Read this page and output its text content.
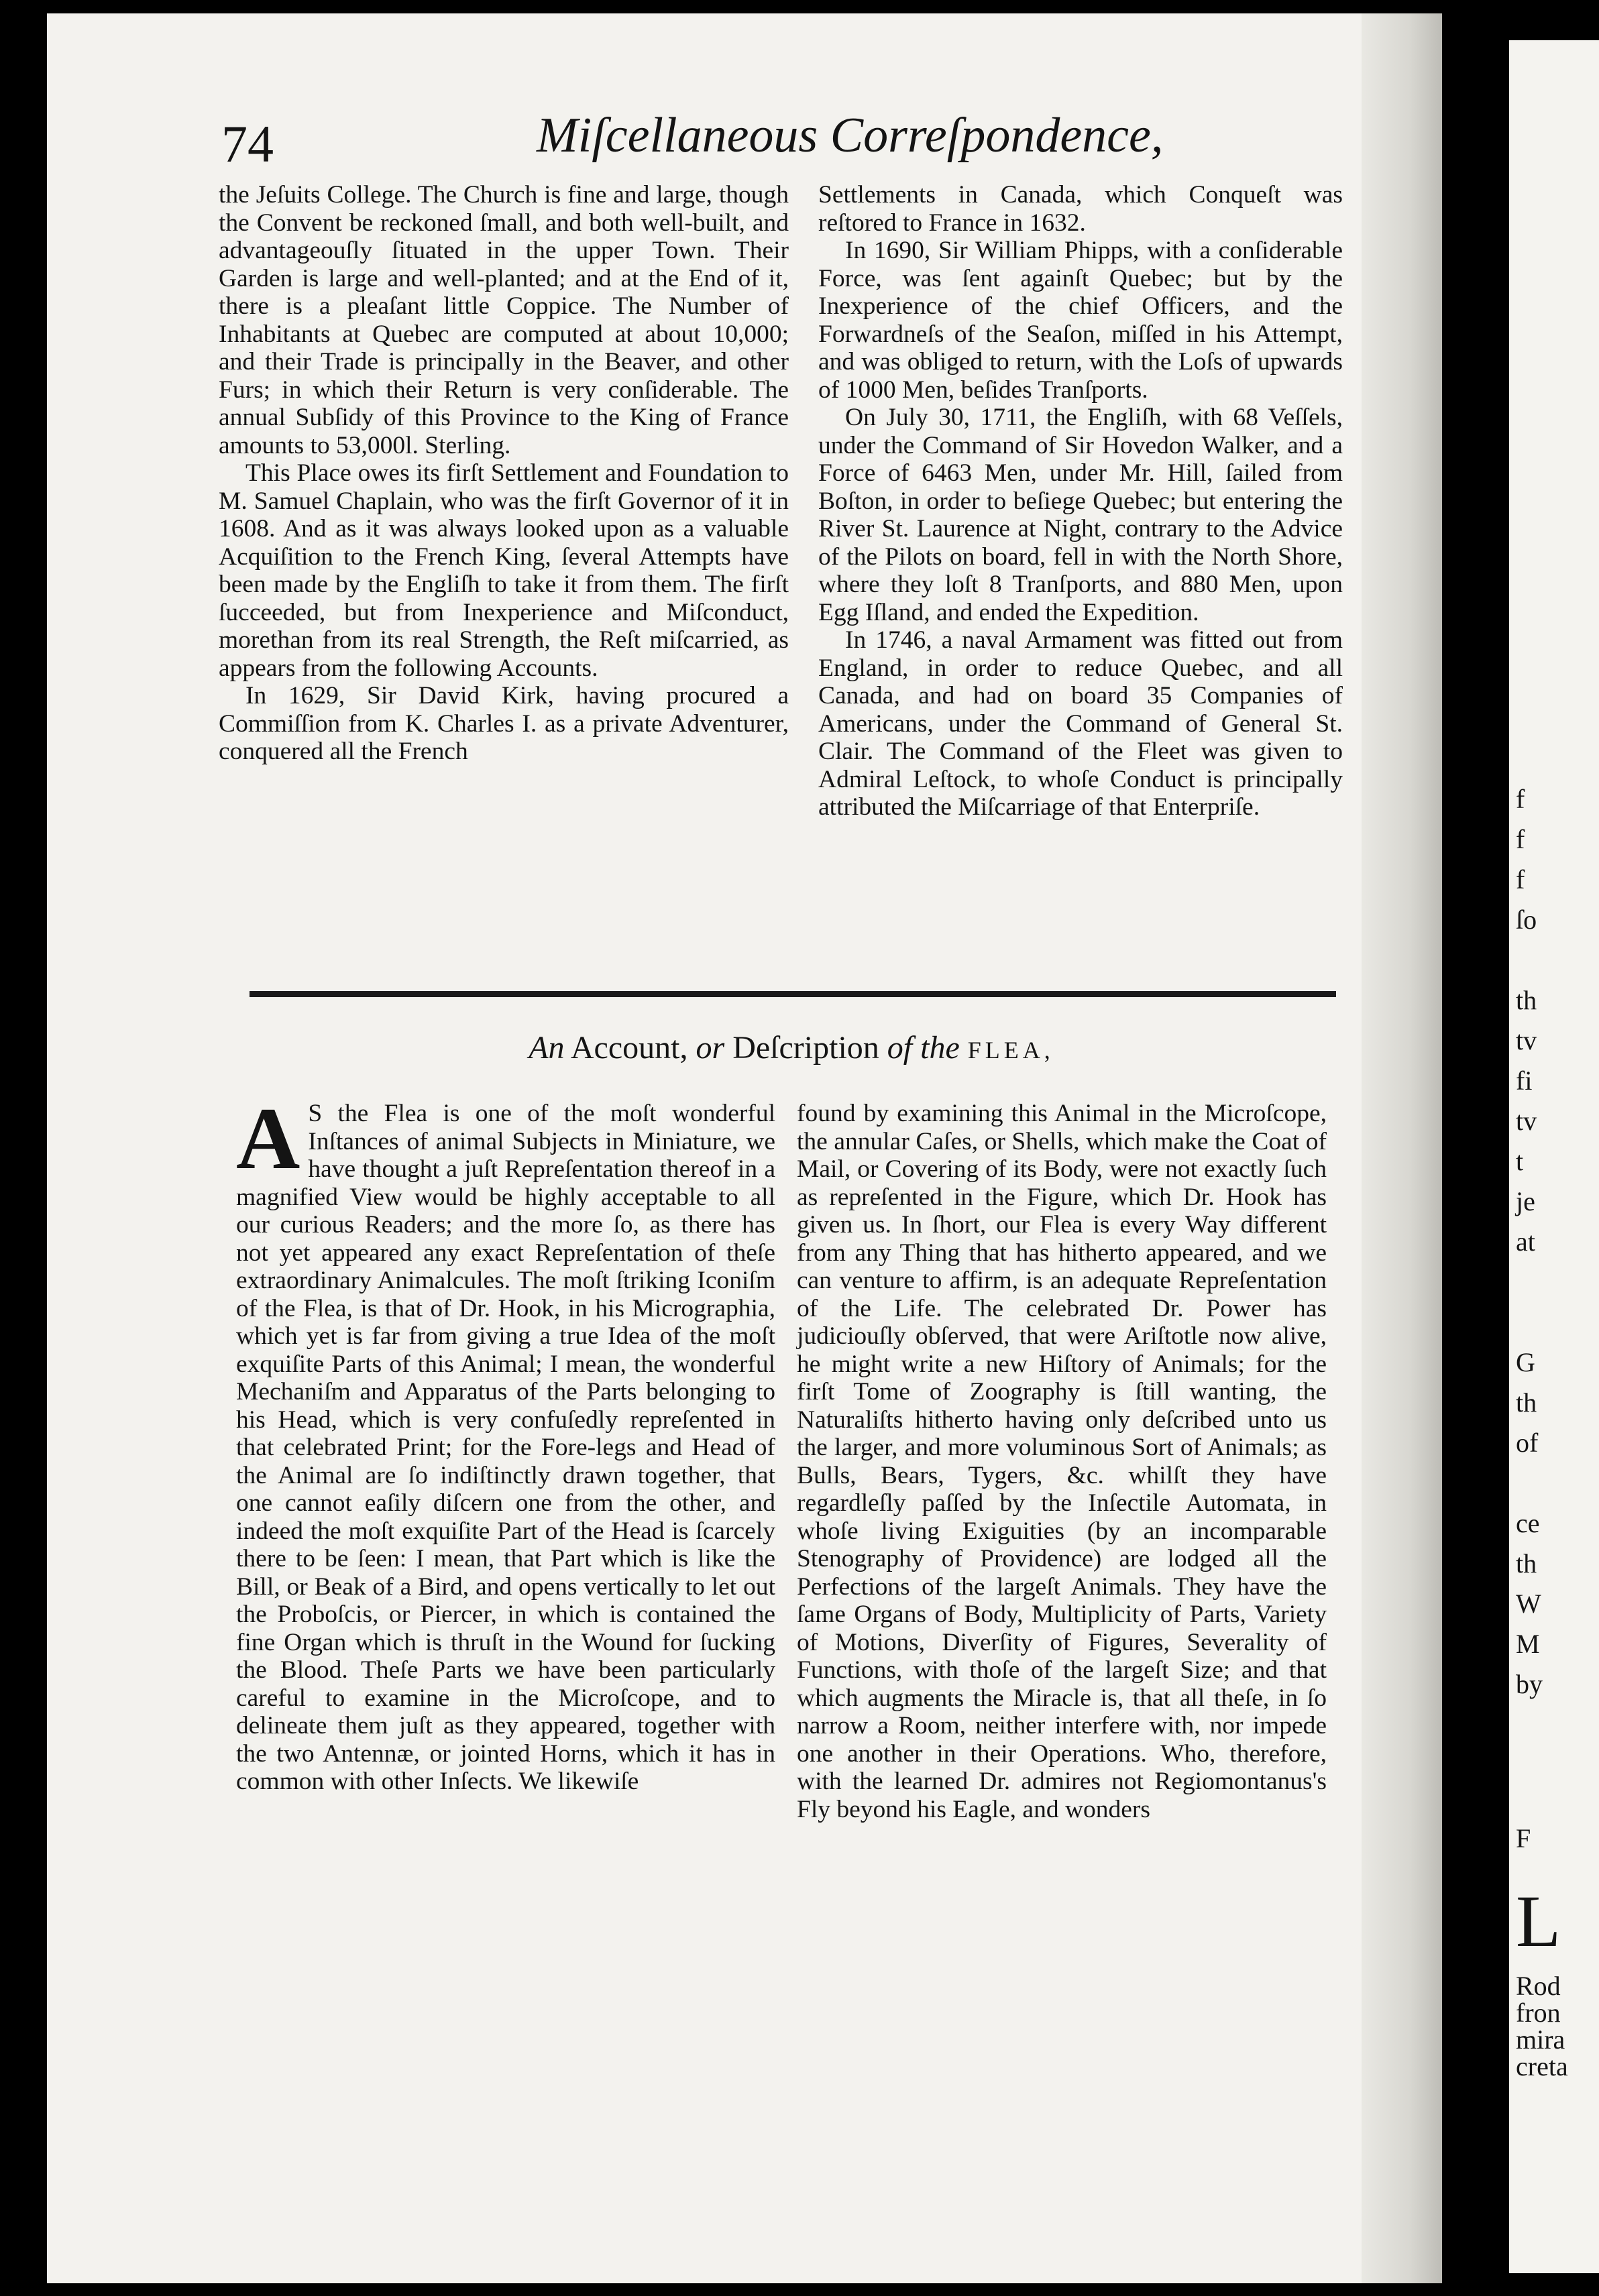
f
f
f
ſo
th
tv
fi
tv
t
je
at
G
th
of
ce
th
W
M
by
F
L
Rod
fron
mira
creta
74	Miſcellaneous Correſpondence,

the Jeſuits College. The Church is fine and large, though the Convent be reckoned ſmall, and both well-built, and advantageouſly ſituated in the upper Town. Their Garden is large and well-planted; and at the End of it, there is a pleaſant little Coppice. The Number of Inhabitants at Quebec are computed at about 10,000; and their Trade is principally in the Beaver, and other Furs; in which their Return is very conſiderable. The annual Subſidy of this Province to the King of France amounts to 53,000l. Sterling.

This Place owes its firſt Settlement and Foundation to M. Samuel Chaplain, who was the firſt Governor of it in 1608. And as it was always looked upon as a valuable Acquiſition to the French King, ſeveral Attempts have been made by the Engliſh to take it from them. The firſt ſucceeded, but from Inexperience and Miſconduct, morethan from its real Strength, the Reſt miſcarried, as appears from the following Accounts.

In 1629, Sir David Kirk, having procured a Commiſſion from K. Charles I. as a private Adventurer, conquered all the French

Settlements in Canada, which Conqueſt was reſtored to France in 1632.

In 1690, Sir William Phipps, with a conſiderable Force, was ſent againſt Quebec; but by the Inexperience of the chief Officers, and the Forwardneſs of the Seaſon, miſſed in his Attempt, and was obliged to return, with the Loſs of upwards of 1000 Men, beſides Tranſports.

On July 30, 1711, the Engliſh, with 68 Veſſels, under the Command of Sir Hovedon Walker, and a Force of 6463 Men, under Mr. Hill, ſailed from Boſton, in order to beſiege Quebec; but entering the River St. Laurence at Night, contrary to the Advice of the Pilots on board, fell in with the North Shore, where they loſt 8 Tranſports, and 880 Men, upon Egg Iſland, and ended the Expedition.

In 1746, a naval Armament was fitted out from England, in order to reduce Quebec, and all Canada, and had on board 35 Companies of Americans, under the Command of General St. Clair. The Command of the Fleet was given to Admiral Leſtock, to whoſe Conduct is principally attributed the Miſcarriage of that Enterpriſe.

An Account, or Deſcription of the FLEA,
A S the Flea is one of the moſt wonderful Inſtances of animal Subjects in Miniature, we have thought a juſt Repreſentation thereof in a magnified View would be highly acceptable to all our curious Readers; and the more ſo, as there has not yet appeared any exact Repreſentation of theſe extraordinary Animalcules. The moſt ſtriking Iconiſm of the Flea, is that of Dr. Hook, in his Micrographia, which yet is far from giving a true Idea of the moſt exquiſite Parts of this Animal; I mean, the wonderful Mechaniſm and Apparatus of the Parts belonging to his Head, which is very confuſedly repreſented in that celebrated Print; for the Fore-legs and Head of the Animal are ſo indiſtinctly drawn together, that one cannot eaſily diſcern one from the other, and indeed the moſt exquiſite Part of the Head is ſcarcely there to be ſeen: I mean, that Part which is like the Bill, or Beak of a Bird, and opens vertically to let out the Proboſcis, or Piercer, in which is contained the fine Organ which is thruſt in the Wound for ſucking the Blood. Theſe Parts we have been particularly careful to examine in the Microſcope, and to delineate them juſt as they appeared, together with the two Antennæ, or jointed Horns, which it has in common with other Inſects. We likewiſe

found by examining this Animal in the Microſcope, the annular Caſes, or Shells, which make the Coat of Mail, or Covering of its Body, were not exactly ſuch as repreſented in the Figure, which Dr. Hook has given us. In ſhort, our Flea is every Way different from any Thing that has hitherto appeared, and we can venture to affirm, is an adequate Repreſentation of the Life. The celebrated Dr. Power has judiciouſly obſerved, that were Ariſtotle now alive, he might write a new Hiſtory of Animals; for the firſt Tome of Zoography is ſtill wanting, the Naturaliſts hitherto having only deſcribed unto us the larger, and more voluminous Sort of Animals; as Bulls, Bears, Tygers, &c. whilſt they have regardleſly paſſed by the Inſectile Automata, in whoſe living Exiguities (by an incomparable Stenography of Providence) are lodged all the Perfections of the largeſt Animals. They have the ſame Organs of Body, Multiplicity of Parts, Variety of Motions, Diverſity of Figures, Severality of Functions, with thoſe of the largeſt Size; and that which augments the Miracle is, that all theſe, in ſo narrow a Room, neither interfere with, nor impede one another in their Operations. Who, therefore, with the learned Dr. admires not Regiomontanus's Fly beyond his Eagle, and wonders
